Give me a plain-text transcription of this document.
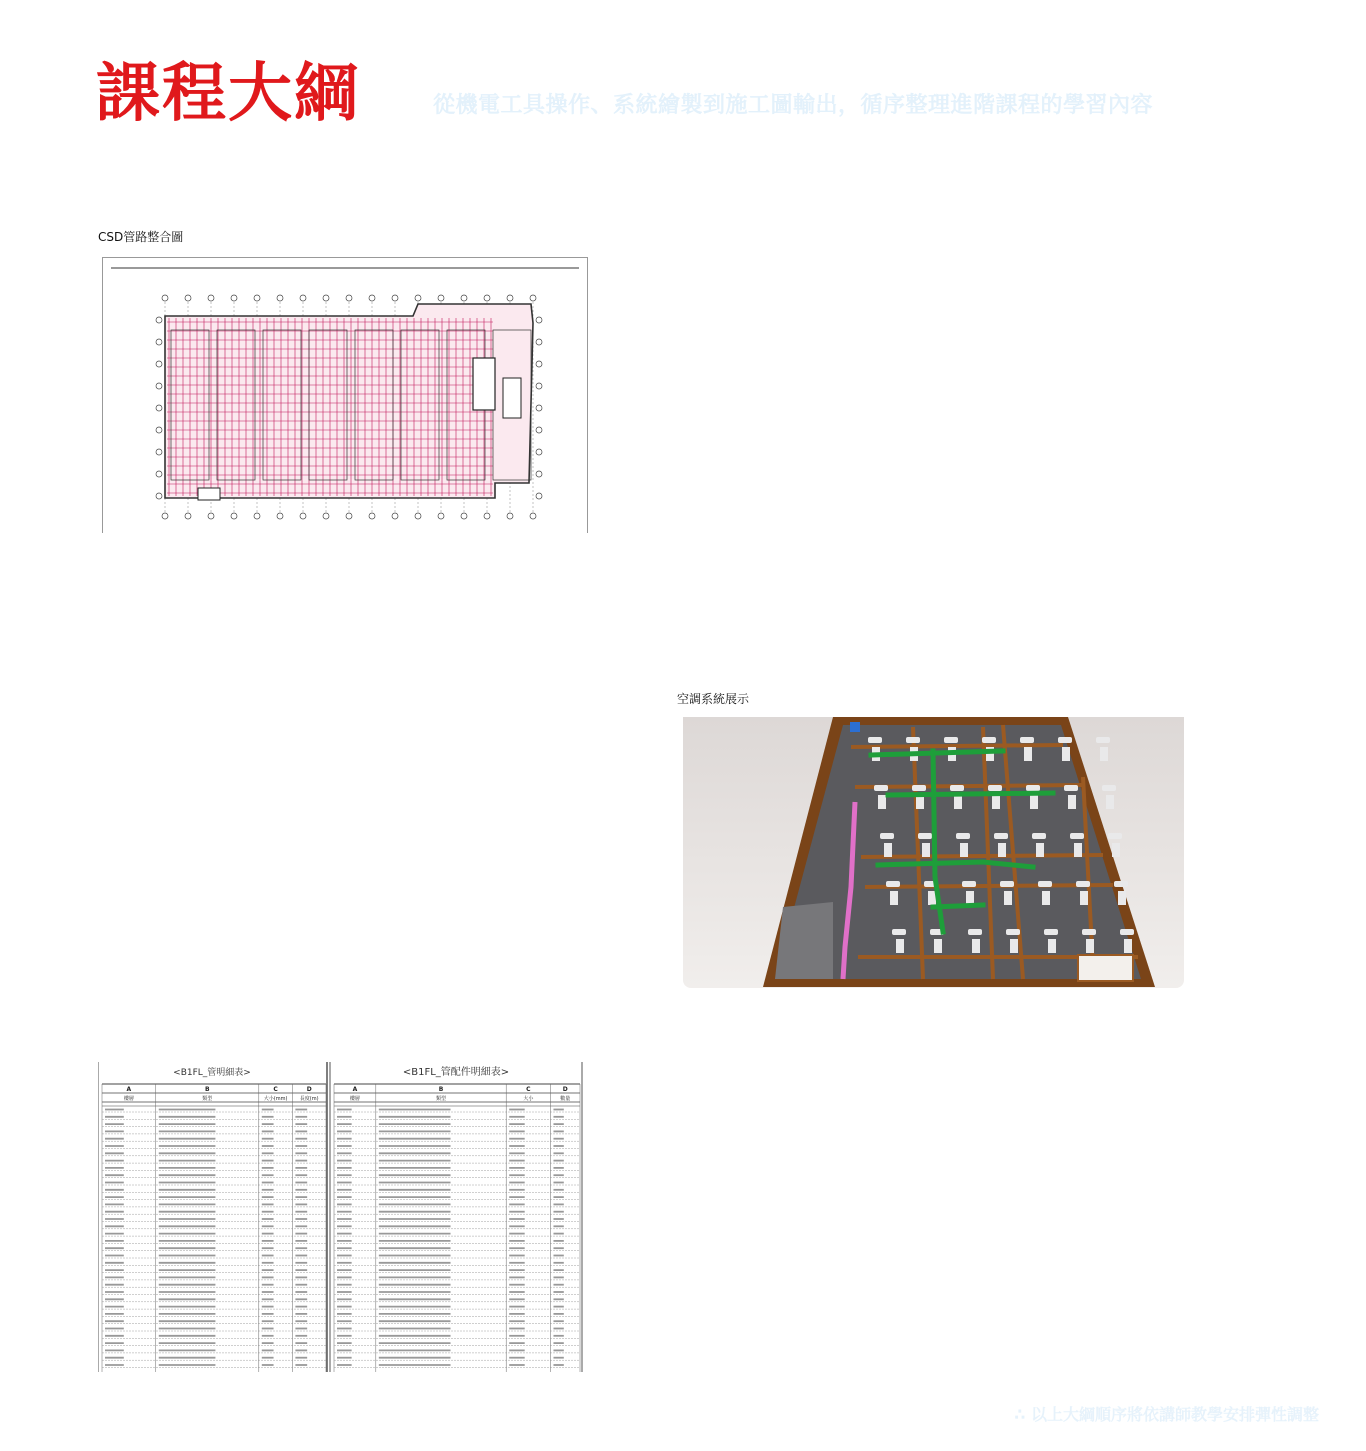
課程大綱	從機電工具操作、系統繪製到施工圖輸出，循序整理進階課程的學習內容
CSD管路整合圖
空調系統展示
<B1FL_管明細表>	<B1FL_管配件明細表>
A
樓層
B
類型
C
大小(mm)
D
長度(m)
A
樓層
B
類型
C
大小
D
數量
∴ 以上大綱順序將依講師教學安排彈性調整
